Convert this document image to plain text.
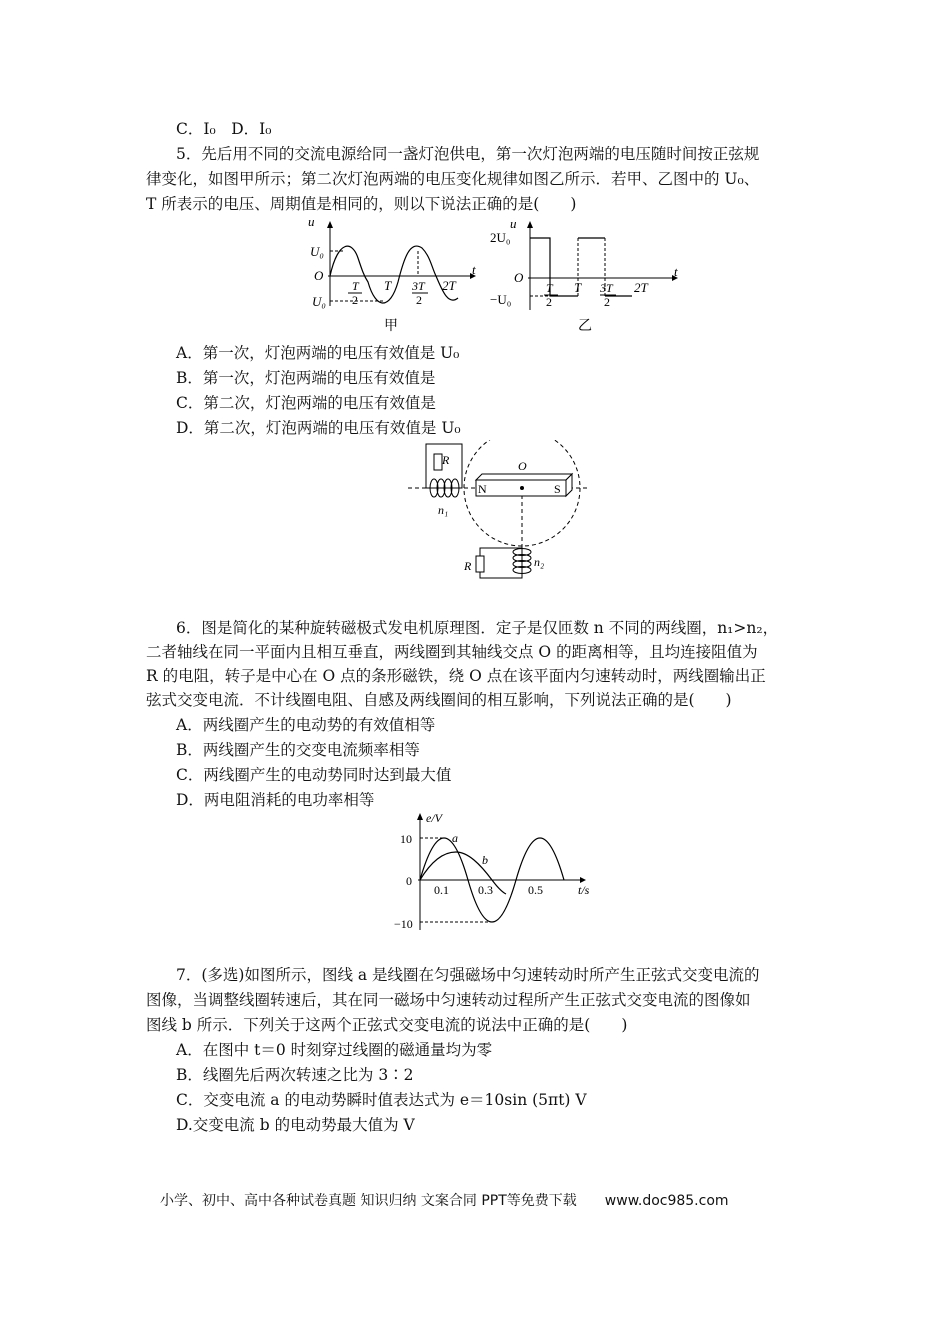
C．I₀　D．I₀
5．先后用不同的交流电源给同一盏灯泡供电，第一次灯泡两端的电压随时间按正弦规
律变化，如图甲所示；第二次灯泡两端的电压变化规律如图乙所示．若甲、乙图中的 U₀、
T 所表示的电压、周期值是相同的，则以下说法正确的是(　　)
u
t
U₀
O
U₀
T
2
T 3T
2
2T
甲
2U₀
O
−U₀
t
u
T
2
T 3T
2
2T
乙
A．第一次，灯泡两端的电压有效值是 U₀
B．第一次，灯泡两端的电压有效值是
C．第二次，灯泡两端的电压有效值是
D．第二次，灯泡两端的电压有效值是 U₀
N	S
O
R
n₁
R	n₂
6．图是简化的某种旋转磁极式发电机原理图．定子是仅匝数 n 不同的两线圈，n₁>n₂，
二者轴线在同一平面内且相互垂直，两线圈到其轴线交点 O 的距离相等，且均连接阻值为
R 的电阻，转子是中心在 O 点的条形磁铁，绕 O 点在该平面内匀速转动时，两线圈输出正
弦式交变电流．不计线圈电阻、自感及两线圈间的相互影响，下列说法正确的是(　　)
A．两线圈产生的电动势的有效值相等
B．两线圈产生的交变电流频率相等
C．两线圈产生的电动势同时达到最大值
D．两电阻消耗的电功率相等
e/V
t/s
10
0
−10
0.1 0.3	0.5
a
b
7．(多选)如图所示，图线 a 是线圈在匀强磁场中匀速转动时所产生正弦式交变电流的
图像，当调整线圈转速后，其在同一磁场中匀速转动过程所产生正弦式交变电流的图像如
图线 b 所示．下列关于这两个正弦式交变电流的说法中正确的是(　　)
A．在图中 t＝0 时刻穿过线圈的磁通量均为零
B．线圈先后两次转速之比为 3∶2
C．交变电流 a 的电动势瞬时值表达式为 e＝10sin (5πt) V
D.交变电流 b 的电动势最大值为 V
小学、初中、高中各种试卷真题 知识归纳 文案合同 PPT等免费下载 www.doc985.com
